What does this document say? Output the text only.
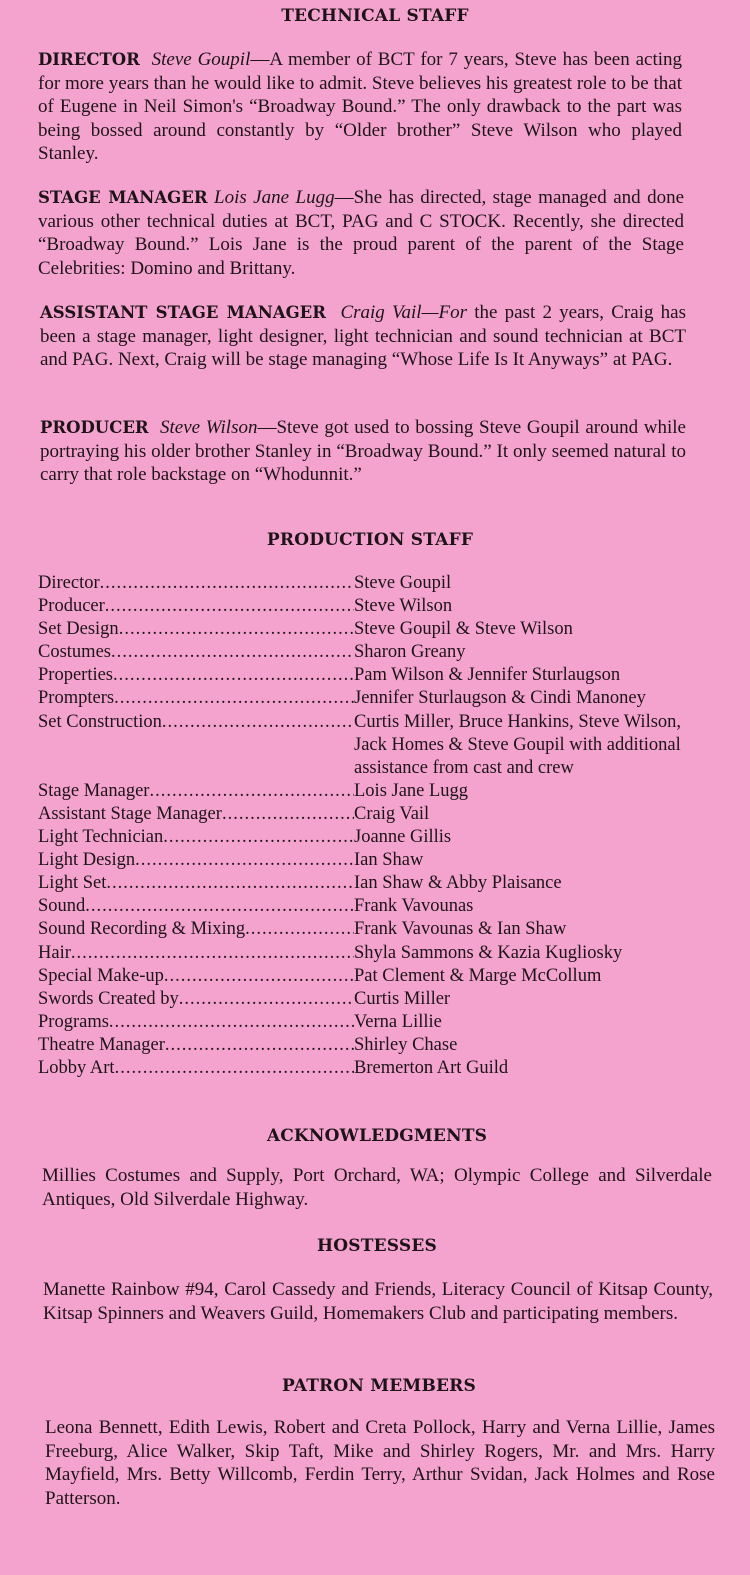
TECHNICAL STAFF

DIRECTOR Steve Goupil—A member of BCT for 7 years, Steve has been acting for more years than he would like to admit. Steve believes his greatest role to be that of Eugene in Neil Simon's “Broadway Bound.” The only drawback to the part was being bossed around constantly by “Older brother” Steve Wilson who played Stanley.

STAGE MANAGER Lois Jane Lugg—She has directed, stage managed and done various other technical duties at BCT, PAG and C STOCK. Recently, she directed “Broadway Bound.” Lois Jane is the proud parent of the parent of the Stage Celebrities: Domino and Brittany.

ASSISTANT STAGE MANAGER Craig Vail—For the past 2 years, Craig has been a stage manager, light designer, light technician and sound technician at BCT and PAG. Next, Craig will be stage managing “Whose Life Is It Anyways” at PAG.

PRODUCER Steve Wilson—Steve got used to bossing Steve Goupil around while portraying his older brother Stanley in “Broadway Bound.” It only seemed natural to carry that role backstage on “Whodunnit.”

PRODUCTION STAFF
Director .....	Steve Goupil
Producer .....	Steve Wilson
Set Design .....	Steve Goupil & Steve Wilson
Costumes .....	Sharon Greany
Properties .....	Pam Wilson & Jennifer Sturlaugson
Prompters .....	Jennifer Sturlaugson & Cindi Manoney
Set Construction .....	Curtis Miller, Bruce Hankins, Steve Wilson, Jack Homes & Steve Goupil with additional assistance from cast and crew
Stage Manager .....	Lois Jane Lugg
Assistant Stage Manager .....	Craig Vail
Light Technician .....	Joanne Gillis
Light Design .....	Ian Shaw
Light Set .....	Ian Shaw & Abby Plaisance
Sound .....	Frank Vavounas
Sound Recording & Mixing .....	Frank Vavounas & Ian Shaw
Hair .....	Shyla Sammons & Kazia Kugliosky
Special Make-up .....	Pat Clement & Marge McCollum
Swords Created by .....	Curtis Miller
Programs .....	Verna Lillie
Theatre Manager .....	Shirley Chase
Lobby Art .....	Bremerton Art Guild
ACKNOWLEDGMENTS

Millies Costumes and Supply, Port Orchard, WA; Olympic College and Silverdale Antiques, Old Silverdale Highway.

HOSTESSES

Manette Rainbow #94, Carol Cassedy and Friends, Literacy Council of Kitsap County, Kitsap Spinners and Weavers Guild, Homemakers Club and participating members.

PATRON MEMBERS

Leona Bennett, Edith Lewis, Robert and Creta Pollock, Harry and Verna Lillie, James Freeburg, Alice Walker, Skip Taft, Mike and Shirley Rogers, Mr. and Mrs. Harry Mayfield, Mrs. Betty Willcomb, Ferdin Terry, Arthur Svidan, Jack Holmes and Rose Patterson.
